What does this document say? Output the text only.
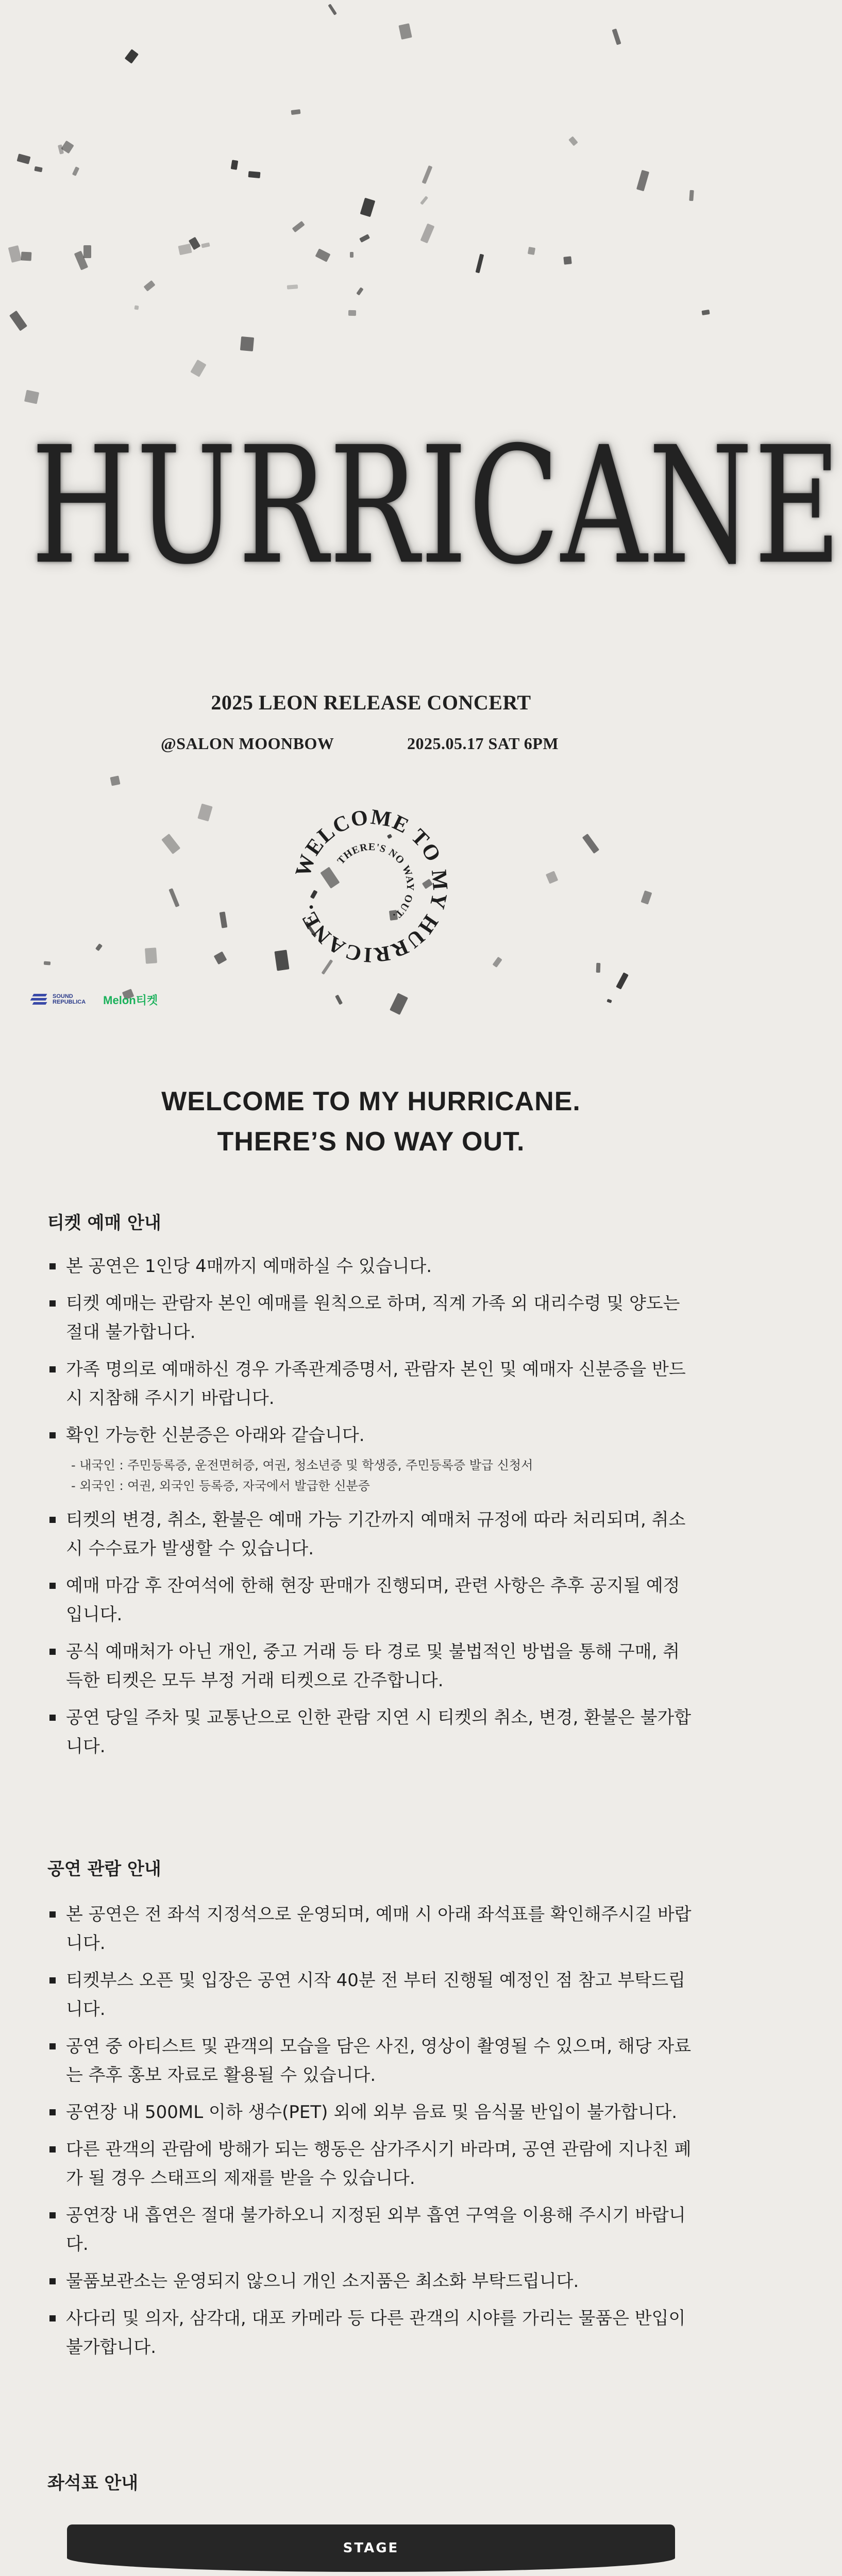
HURRICANE
2025 LEON RELEASE CONCERT
@SALON MOONBOW	2025.05.17 SAT 6PM
WELCOME TO MY HURRICANE.
THERE'S NO WAY OUT.
SOUND
REPUBLICA Melon티켓
WELCOME TO MY HURRICANE.
THERE’S NO WAY OUT.
티켓 예매 안내
본 공연은 1인당 4매까지 예매하실 수 있습니다.
티켓 예매는 관람자 본인 예매를 원칙으로 하며, 직계 가족 외 대리수령 및 양도는 절대 불가합니다.
가족 명의로 예매하신 경우 가족관계증명서, 관람자 본인 및 예매자 신분증을 반드시 지참해 주시기 바랍니다.
확인 가능한 신분증은 아래와 같습니다.
- 내국인 : 주민등록증, 운전면허증, 여권, 청소년증 및 학생증, 주민등록증 발급 신청서
- 외국인 : 여권, 외국인 등록증, 자국에서 발급한 신분증
티켓의 변경, 취소, 환불은 예매 가능 기간까지 예매처 규정에 따라 처리되며, 취소 시 수수료가 발생할 수 있습니다.
예매 마감 후 잔여석에 한해 현장 판매가 진행되며, 관련 사항은 추후 공지될 예정입니다.
공식 예매처가 아닌 개인, 중고 거래 등 타 경로 및 불법적인 방법을 통해 구매, 취득한 티켓은 모두 부정 거래 티켓으로 간주합니다.
공연 당일 주차 및 교통난으로 인한 관람 지연 시 티켓의 취소, 변경, 환불은 불가합니다.
공연 관람 안내
본 공연은 전 좌석 지정석으로 운영되며, 예매 시 아래 좌석표를 확인해주시길 바랍니다.
티켓부스 오픈 및 입장은 공연 시작 40분 전 부터 진행될 예정인 점 참고 부탁드립니다.
공연 중 아티스트 및 관객의 모습을 담은 사진, 영상이 촬영될 수 있으며, 해당 자료는 추후 홍보 자료로 활용될 수 있습니다.
공연장 내 500ML 이하 생수(PET) 외에 외부 음료 및 음식물 반입이 불가합니다.
다른 관객의 관람에 방해가 되는 행동은 삼가주시기 바라며, 공연 관람에 지나친 폐가 될 경우 스태프의 제재를 받을 수 있습니다.
공연장 내 흡연은 절대 불가하오니 지정된 외부 흡연 구역을 이용해 주시기 바랍니다.
물품보관소는 운영되지 않으니 개인 소지품은 최소화 부탁드립니다.
사다리 및 의자, 삼각대, 대포 카메라 등 다른 관객의 시야를 가리는 물품은 반입이 불가합니다.
좌석표 안내
STAGE
